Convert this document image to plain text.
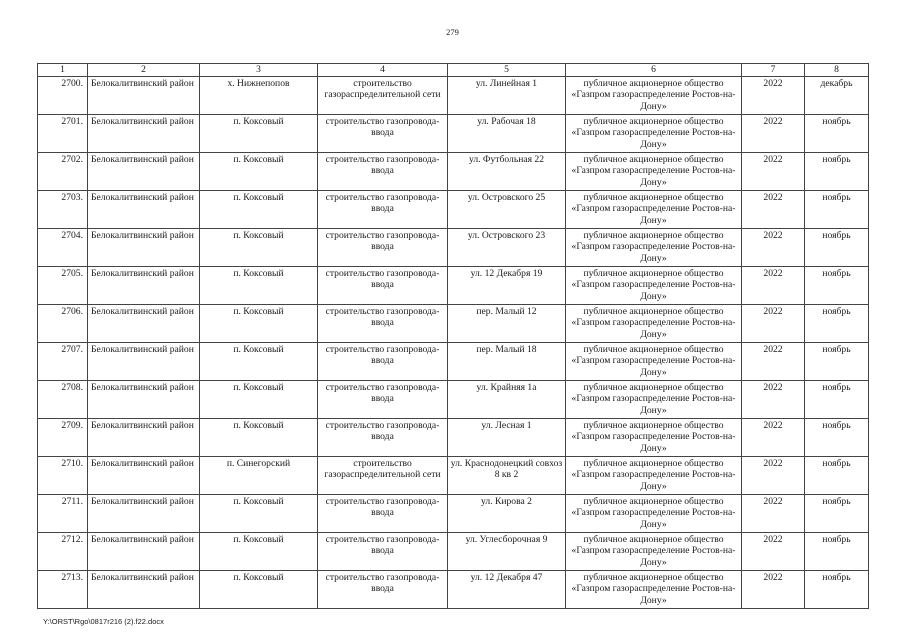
279
1	2	3	4	5	6	7	8
2700.	Белокалитвинский район	х. Нижнепопов	строительство газораспределительной сети	ул. Линейная 1	публичное акционерное общество «Газпром газораспределение Ростов-на-Дону»	2022	декабрь
2701.	Белокалитвинский район	п. Коксовый	строительство газопровода-ввода	ул. Рабочая 18	публичное акционерное общество «Газпром газораспределение Ростов-на-Дону»	2022	ноябрь
2702.	Белокалитвинский район	п. Коксовый	строительство газопровода-ввода	ул. Футбольная 22	публичное акционерное общество «Газпром газораспределение Ростов-на-Дону»	2022	ноябрь
2703.	Белокалитвинский район	п. Коксовый	строительство газопровода-ввода	ул. Островского 25	публичное акционерное общество «Газпром газораспределение Ростов-на-Дону»	2022	ноябрь
2704.	Белокалитвинский район	п. Коксовый	строительство газопровода-ввода	ул. Островского 23	публичное акционерное общество «Газпром газораспределение Ростов-на-Дону»	2022	ноябрь
2705.	Белокалитвинский район	п. Коксовый	строительство газопровода-ввода	ул. 12 Декабря 19	публичное акционерное общество «Газпром газораспределение Ростов-на-Дону»	2022	ноябрь
2706.	Белокалитвинский район	п. Коксовый	строительство газопровода-ввода	пер. Малый 12	публичное акционерное общество «Газпром газораспределение Ростов-на-Дону»	2022	ноябрь
2707.	Белокалитвинский район	п. Коксовый	строительство газопровода-ввода	пер. Малый 18	публичное акционерное общество «Газпром газораспределение Ростов-на-Дону»	2022	ноябрь
2708.	Белокалитвинский район	п. Коксовый	строительство газопровода-ввода	ул. Крайняя 1а	публичное акционерное общество «Газпром газораспределение Ростов-на-Дону»	2022	ноябрь
2709.	Белокалитвинский район	п. Коксовый	строительство газопровода-ввода	ул. Лесная 1	публичное акционерное общество «Газпром газораспределение Ростов-на-Дону»	2022	ноябрь
2710.	Белокалитвинский район	п. Синегорский	строительство газораспределительной сети	ул. Краснодонецкий совхоз 8 кв 2	публичное акционерное общество «Газпром газораспределение Ростов-на-Дону»	2022	ноябрь
2711.	Белокалитвинский район	п. Коксовый	строительство газопровода-ввода	ул. Кирова 2	публичное акционерное общество «Газпром газораспределение Ростов-на-Дону»	2022	ноябрь
2712.	Белокалитвинский район	п. Коксовый	строительство газопровода-ввода	ул. Углесборочная 9	публичное акционерное общество «Газпром газораспределение Ростов-на-Дону»	2022	ноябрь
2713.	Белокалитвинский район	п. Коксовый	строительство газопровода-ввода	ул. 12 Декабря 47	публичное акционерное общество «Газпром газораспределение Ростов-на-Дону»	2022	ноябрь
Y:\ORST\Rgo\0817r216 (2).f22.docx
